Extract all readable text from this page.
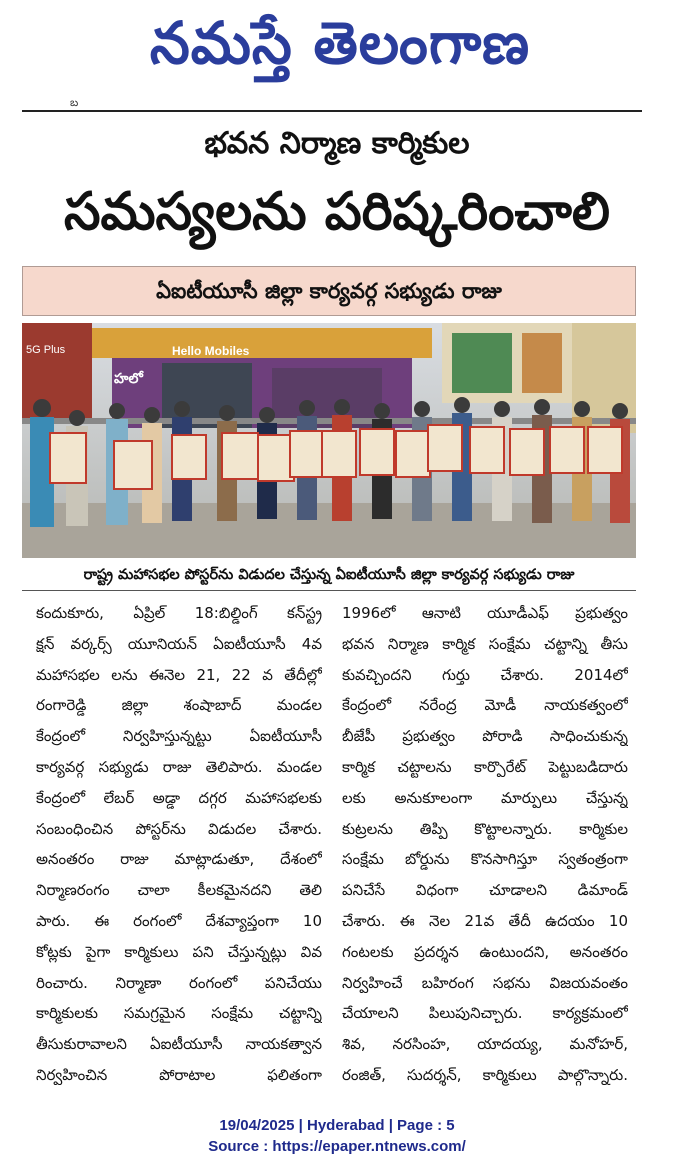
నమస్తే తెలంగాణ
బ
భవన నిర్మాణ కార్మికుల
సమస్యలను పరిష్కరించాలి
ఏఐటీయూసీ జిల్లా కార్యవర్గ సభ్యుడు రాజు
5G Plus	Hello Mobiles
హలో
రాష్ట్ర మహాసభల పోస్టర్‌ను విడుదల చేస్తున్న ఏఐటీయూసీ జిల్లా కార్యవర్గ సభ్యుడు రాజు
కందుకూరు, ఏప్రిల్ 18:బిల్డింగ్ కన్‌స్ట్ర
క్షన్ వర్కర్స్ యూనియన్ ఏఐటీయూసీ 4వ
మహాసభల లను ఈనెల 21, 22 వ తేదీల్లో
రంగారెడ్డి జిల్లా శంషాబాద్ మండల
కేంద్రంలో నిర్వహిస్తున్నట్టు ఏఐటీయూసీ
కార్యవర్గ సభ్యుడు రాజు తెలిపారు. మండల
కేంద్రంలో లేబర్ అడ్డా దగ్గర మహాసభలకు
సంబంధించిన పోస్టర్‌ను విడుదల చేశారు.
అనంతరం రాజు మాట్లాడుతూ, దేశంలో
నిర్మాణరంగం చాలా కీలకమైనదని తెలి
పారు. ఈ రంగంలో దేశవ్యాప్తంగా 10
కోట్లకు పైగా కార్మికులు పని చేస్తున్నట్లు వివ
రించారు. నిర్మాణా రంగంలో పనిచేయు
కార్మికులకు సమగ్రమైన సంక్షేమ చట్టాన్ని
తీసుకురావాలని ఏఐటీయూసీ నాయకత్వాన
నిర్వహించిన పోరాటాల ఫలితంగా
1996లో ఆనాటి యూడీఎఫ్ ప్రభుత్వం
భవన నిర్మాణ కార్మిక సంక్షేమ చట్టాన్ని తీసు
కువచ్చిందని గుర్తు చేశారు. 2014లో
కేంద్రంలో నరేంద్ర మోడీ నాయకత్వంలో
బీజేపీ ప్రభుత్వం పోరాడి సాధించుకున్న
కార్మిక చట్టాలను కార్పొరేట్ పెట్టుబడిదారు
లకు అనుకూలంగా మార్పులు చేస్తున్న
కుట్రలను తిప్పి కొట్టాలన్నారు. కార్మికుల
సంక్షేమ బోర్డును కొనసాగిస్తూ స్వతంత్రంగా
పనిచేసే విధంగా చూడాలని డిమాండ్
చేశారు. ఈ నెల 21వ తేదీ ఉదయం 10
గంటలకు ప్రదర్శన ఉంటుందని, అనంతరం
నిర్వహించే బహిరంగ సభను విజయవంతం
చేయాలని పిలుపునిచ్చారు. కార్యక్రమంలో
శివ, నరసింహ, యాదయ్య, మనోహర్,
రంజిత్, సుదర్శన్, కార్మికులు పాల్గొన్నారు.
19/04/2025 | Hyderabad | Page : 5
Source : https://epaper.ntnews.com/
